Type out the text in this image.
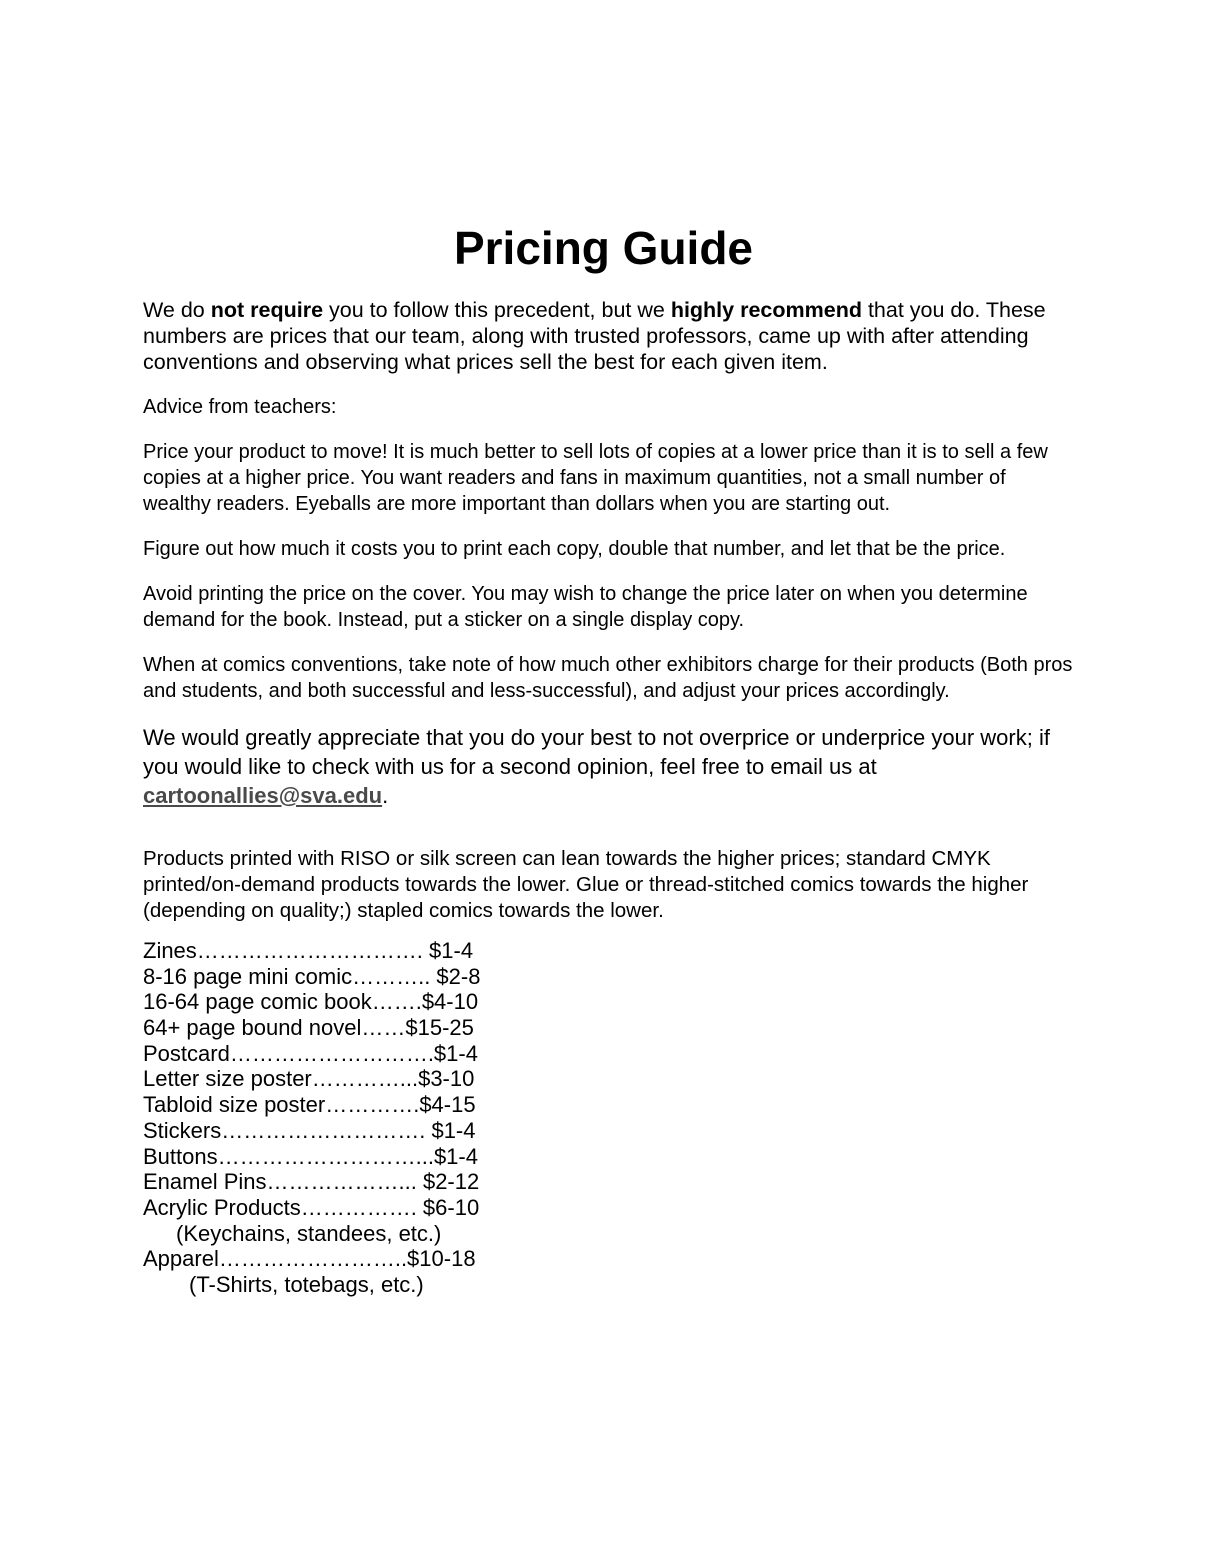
Pricing Guide
We do not require you to follow this precedent, but we highly recommend that you do. These
numbers are prices that our team, along with trusted professors, came up with after attending
conventions and observing what prices sell the best for each given item.
Advice from teachers:
Price your product to move! It is much better to sell lots of copies at a lower price than it is to sell a few
copies at a higher price. You want readers and fans in maximum quantities, not a small number of
wealthy readers. Eyeballs are more important than dollars when you are starting out.
Figure out how much it costs you to print each copy, double that number, and let that be the price.
Avoid printing the price on the cover. You may wish to change the price later on when you determine
demand for the book. Instead, put a sticker on a single display copy.
When at comics conventions, take note of how much other exhibitors charge for their products (Both pros
and students, and both successful and less-successful), and adjust your prices accordingly.
We would greatly appreciate that you do your best to not overprice or underprice your work; if
you would like to check with us for a second opinion, feel free to email us at
cartoonallies@sva.edu.
Products printed with RISO or silk screen can lean towards the higher prices; standard CMYK
printed/on-demand products towards the lower. Glue or thread-stitched comics towards the higher
(depending on quality;) stapled comics towards the lower.
Zines…………………………. $1-4
8-16 page mini comic……….. $2-8
16-64 page comic book…….$4-10
64+ page bound novel……$15-25
Postcard……………………….$1-4
Letter size poster…………...$3-10
Tabloid size poster………….$4-15
Stickers………………………. $1-4
Buttons………………………...$1-4
Enamel Pins………………... $2-12
Acrylic Products……………. $6-10
(Keychains, standees, etc.)
Apparel……………………..$10-18
(T-Shirts, totebags, etc.)
